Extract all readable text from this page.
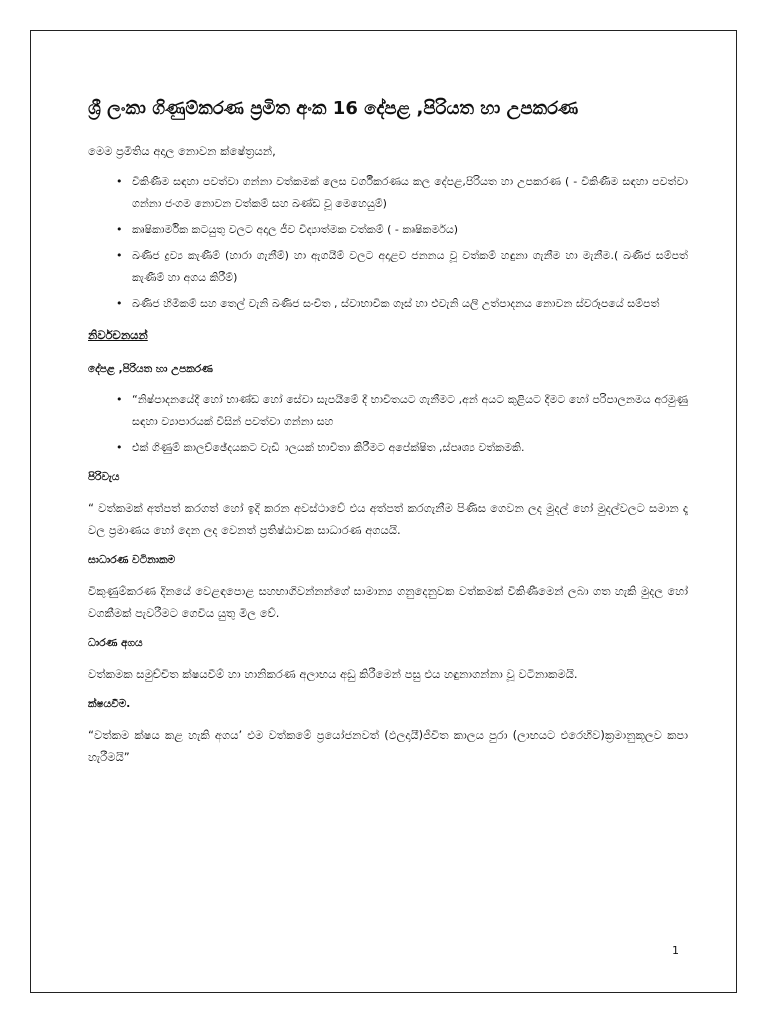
ශ්‍රී ලංකා ගිණුම්කරණ ප්‍රමිත අංක 16 දේපළ ,පිරියත හා උපකරණ

මෙම ප්‍රමිතිය අදාල නොවන ක්ෂේත්‍රයන්,

• විකිණීම සඳහා පවත්වා ගන්නා වත්කමක් ලෙස වර්ගීකරණය කල දේපළ,පිරියත හා උපකරණ ( - විකිණීම සඳහා පවත්වා ගන්නා ජංගම නොවන වත්කම් සහ ඛණ්ඩ වූ මෙහෙයුම්)
• කෘෂිකාර්මික කටයුතු වලට අදාල ජීව විද්‍යාත්මක වත්කම් ( - කෘෂිකර්මය)
• ඛණිජ ද්‍රව්‍ය කැණීම් (හාරා ගැනීම්) හා ඇගයීම් වලට අදාළව ජනනය වූ වත්කම් හඳුනා ගැනීම හා මැනීම.( ඛණිජ සම්පත් කැණීම් හා අගය කිරීම්)
• ඛණිජ හිමිකම් සහ තෙල් වැනි ඛණිජ සංචිත , ස්වාභාවික ගෑස් හා එවැනි යලි උත්පාදනය නොවන ස්වරූපයේ සම්පත්
නිර්වචනයන්
දේපළ ,පිරියත හා උපකරණ
• “නිෂ්පාදනයේදී හෝ භාණ්ඩ හෝ සේවා සැපයීමේ දී භාවිතයට ගැනීමට ,අන් අයට කුළියට දීමට හෝ පරිපාලනමය අරමුණු සඳහා ව්‍යාපාරයක් විසින් පවත්වා ගන්නා සහ
• එක් ගිණුම් කාලච්ඡේදයකට වැඩි ාලයක් භාවිතා කිරීමට අපේක්ෂිත ,ස්පෘශ්‍ය වත්කමකි.
පිරිවැය

“ වත්කමක් අත්පත් කරගත් හෝ ඉදි කරන අවස්ථාවේ එය අත්පත් කරගැනීම පිණිස ගෙවන ලද මුදල් හෝ මුදල්වලට සමාන දෑ වල ප්‍රමාණය හෝ දෙන ලද වෙනත් ප්‍රතිෂ්ඨාවක සාධාරණ අගයයි.

සාධාරණ වටිනාකම

විකුණුම්කරණ දිනයේ වෙළඳපොළ සහභාගිවන්නන්ගේ සාමාන්‍ය ගනුදෙනුවක වත්කමක් විකිණීමෙන් ලබා ගත හැකි මුදල හෝ වගකීමක් පැවරීමට ගෙවිය යුතු මිල වේ.

ධාරණ අගය

වත්කමක සමුච්චිත ක්ෂයවීම් හා හානිකරණ අලාභය අඩු කිරීමෙන් පසු එය හඳුනාගන්නා වූ වටිනාකමයි.

ක්ෂයවීම.

“වත්කම ක්ෂය කළ හැකි අගය’ එම වත්කමේ ප්‍රයෝජනවත් (ඵලදායී)ජීවිත කාලය පුරා (ලාභයට එරෙහිව)ක්‍රමානුකූලව කපා හැරීමයි”

1
